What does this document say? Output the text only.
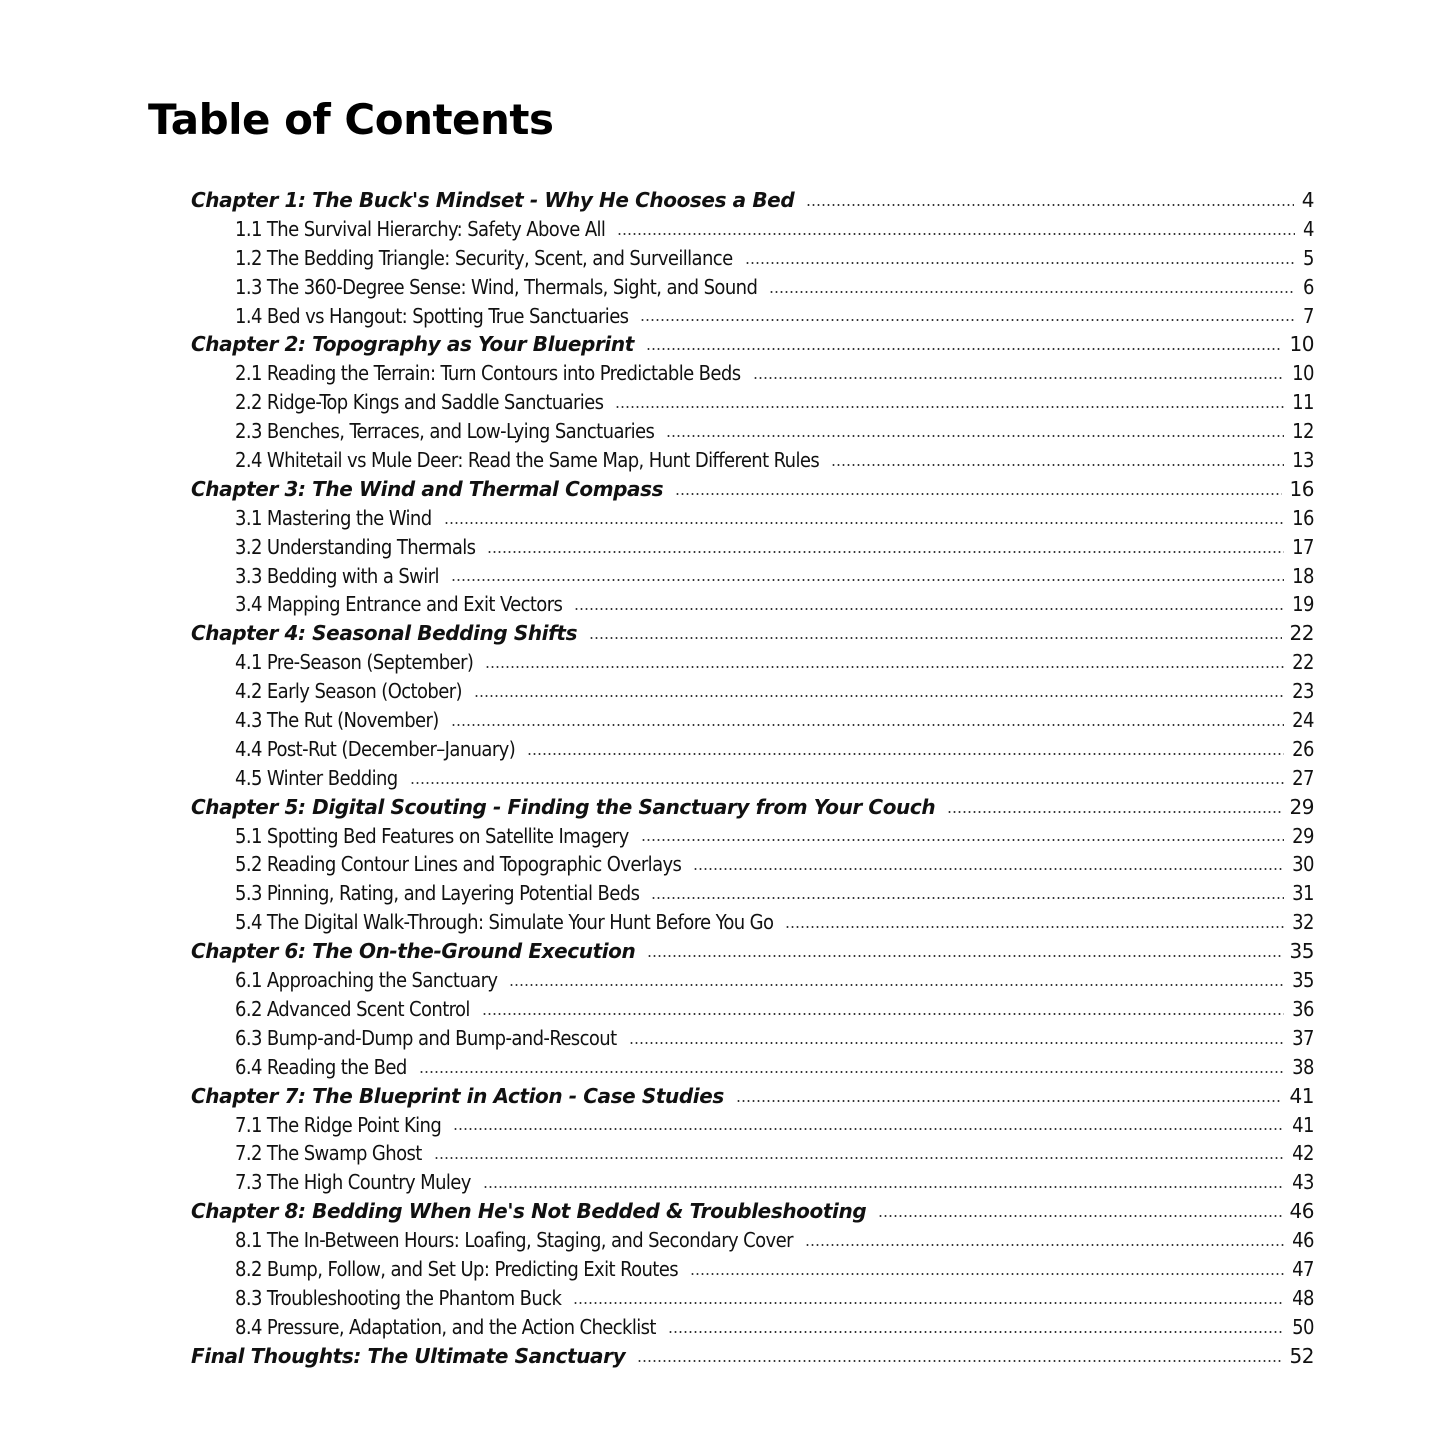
Table of Contents
Chapter 1: The Buck's Mindset - Why He Chooses a Bed	4
1.1 The Survival Hierarchy: Safety Above All	4
1.2 The Bedding Triangle: Security, Scent, and Surveillance	5
1.3 The 360-Degree Sense: Wind, Thermals, Sight, and Sound	6
1.4 Bed vs Hangout: Spotting True Sanctuaries	7
Chapter 2: Topography as Your Blueprint	10
2.1 Reading the Terrain: Turn Contours into Predictable Beds	10
2.2 Ridge-Top Kings and Saddle Sanctuaries	11
2.3 Benches, Terraces, and Low-Lying Sanctuaries	12
2.4 Whitetail vs Mule Deer: Read the Same Map, Hunt Different Rules	13
Chapter 3: The Wind and Thermal Compass	16
3.1 Mastering the Wind	16
3.2 Understanding Thermals	17
3.3 Bedding with a Swirl	18
3.4 Mapping Entrance and Exit Vectors	19
Chapter 4: Seasonal Bedding Shifts	22
4.1 Pre-Season (September)	22
4.2 Early Season (October)	23
4.3 The Rut (November)	24
4.4 Post-Rut (December–January)	26
4.5 Winter Bedding	27
Chapter 5: Digital Scouting - Finding the Sanctuary from Your Couch	29
5.1 Spotting Bed Features on Satellite Imagery	29
5.2 Reading Contour Lines and Topographic Overlays	30
5.3 Pinning, Rating, and Layering Potential Beds	31
5.4 The Digital Walk-Through: Simulate Your Hunt Before You Go	32
Chapter 6: The On-the-Ground Execution	35
6.1 Approaching the Sanctuary	35
6.2 Advanced Scent Control	36
6.3 Bump-and-Dump and Bump-and-Rescout	37
6.4 Reading the Bed	38
Chapter 7: The Blueprint in Action - Case Studies	41
7.1 The Ridge Point King	41
7.2 The Swamp Ghost	42
7.3 The High Country Muley	43
Chapter 8: Bedding When He's Not Bedded & Troubleshooting	46
8.1 The In-Between Hours: Loafing, Staging, and Secondary Cover	46
8.2 Bump, Follow, and Set Up: Predicting Exit Routes	47
8.3 Troubleshooting the Phantom Buck	48
8.4 Pressure, Adaptation, and the Action Checklist	50
Final Thoughts: The Ultimate Sanctuary	52
